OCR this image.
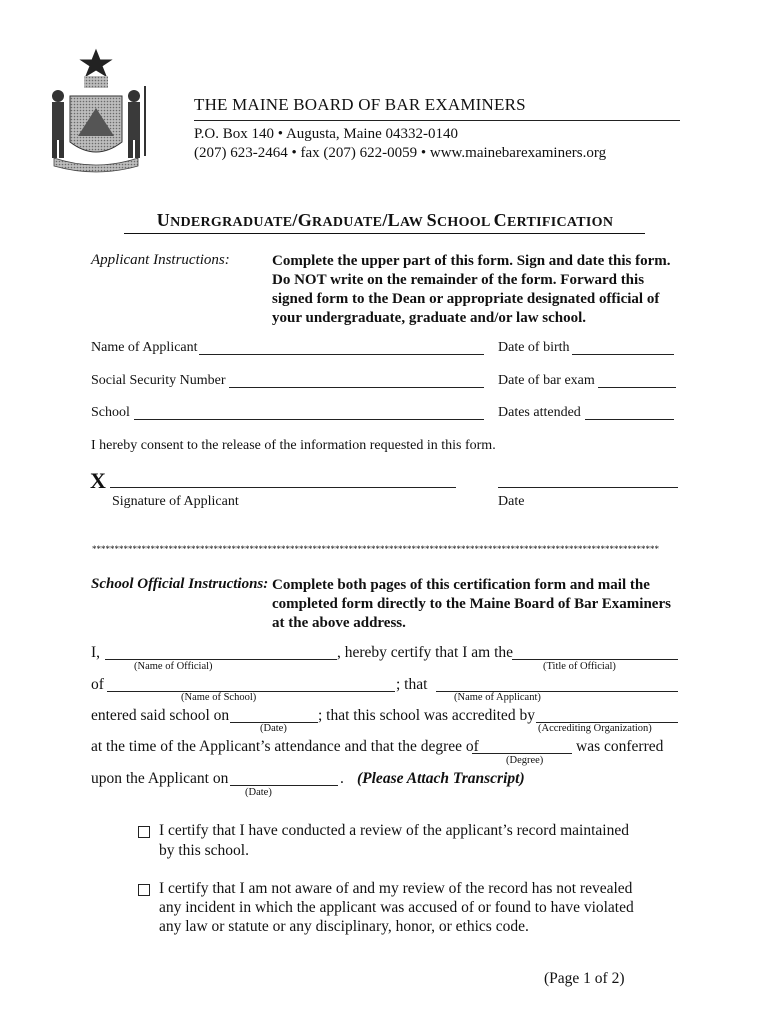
THE MAINE BOARD OF BAR EXAMINERS
P.O. Box 140 • Augusta, Maine 04332-0140
(207) 623-2464 • fax (207) 622-0059 • www.mainebarexaminers.org
UNDERGRADUATE/GRADUATE/LAW SCHOOL CERTIFICATION
Applicant Instructions:	Complete the upper part of this form. Sign and date this form.
Do NOT write on the remainder of the form. Forward this
signed form to the Dean or appropriate designated official of
your undergraduate, graduate and/or law school.
Name of Applicant	Date of birth
Social Security Number	Date of bar exam
School	Dates attended
I hereby consent to the release of the information requested in this form.
X
Signature of Applicant	Date
******************************************************************************************************************************
School Official Instructions: Complete both pages of this certification form and mail the
completed form directly to the Maine Board of Bar Examiners
at the above address.
I,	, hereby certify that I am the
(Name of Official)	(Title of Official)
of	; that
(Name of School)	(Name of Applicant)
entered said school on	; that this school was accredited by
(Date)	(Accrediting Organization)
at the time of the Applicant’s attendance and that the degree of	was conferred
(Degree)
upon the Applicant on	. (Please Attach Transcript)
(Date)
I certify that I have conducted a review of the applicant’s record maintained
by this school.
I certify that I am not aware of and my review of the record has not revealed
any incident in which the applicant was accused of or found to have violated
any law or statute or any disciplinary, honor, or ethics code.
(Page 1 of 2)
